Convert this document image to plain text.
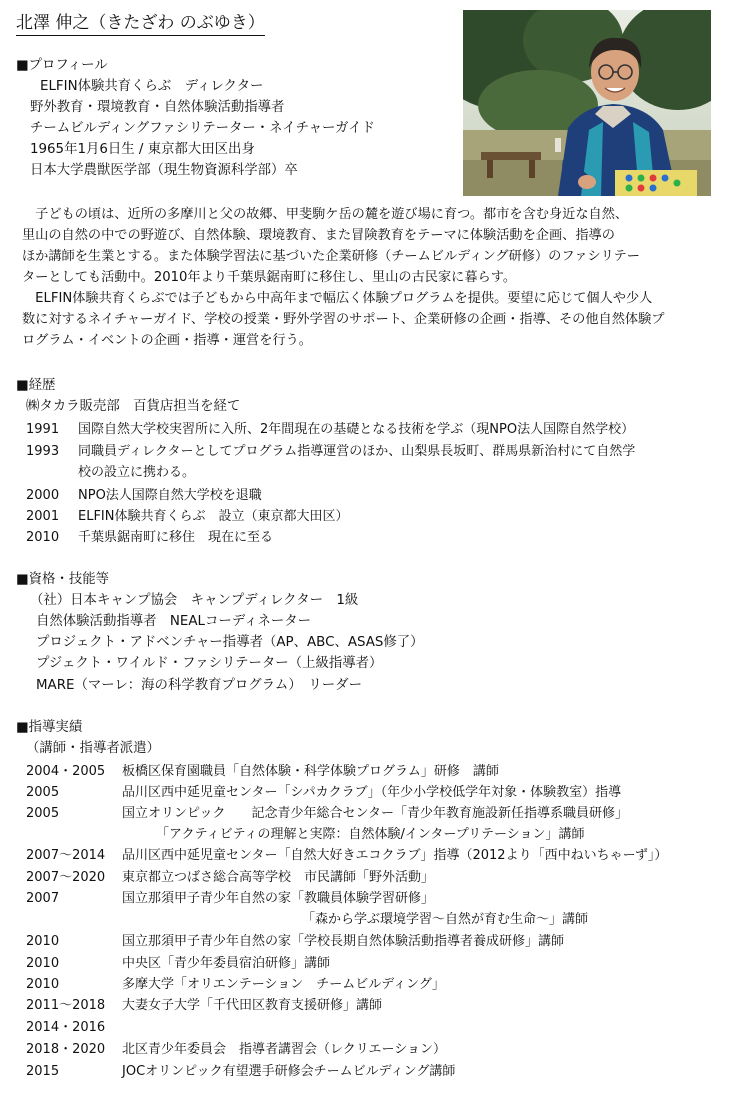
北澤 伸之（きたざわ のぶゆき）
■プロフィール
ELFIN体験共育くらぶ　ディレクター
野外教育・環境教育・自然体験活動指導者
チームビルディングファシリテーター・ネイチャーガイド
1965年1月6日生 / 東京都大田区出身
日本大学農獣医学部（現生物資源科学部）卒
　子どもの頃は、近所の多摩川と父の故郷、甲斐駒ケ岳の麓を遊び場に育つ。都市を含む身近な自然、
里山の自然の中での野遊び、自然体験、環境教育、また冒険教育をテーマに体験活動を企画、指導の
ほか講師を生業とする。また体験学習法に基づいた企業研修（チームビルディング研修）のファシリテー
ターとしても活動中。2010年より千葉県鋸南町に移住し、里山の古民家に暮らす。
　ELFIN体験共育くらぶでは子どもから中高年まで幅広く体験プログラムを提供。要望に応じて個人や少人
数に対するネイチャーガイド、学校の授業・野外学習のサポート、企業研修の企画・指導、その他自然体験プ
ログラム・イベントの企画・指導・運営を行う。
■経歴
㈱タカラ販売部　百貨店担当を経て
1991 国際自然大学校実習所に入所、2年間現在の基礎となる技術を学ぶ（現NPO法人国際自然学校）
1993 同職員ディレクターとしてプログラム指導運営のほか、山梨県長坂町、群馬県新治村にて自然学
校の設立に携わる。
2000 NPO法人国際自然大学校を退職
2001 ELFIN体験共育くらぶ　設立（東京都大田区）
2010 千葉県鋸南町に移住　現在に至る
■資格・技能等
（社）日本キャンプ協会　キャンプディレクター　1級
自然体験活動指導者　NEALコーディネーター
プロジェクト・アドベンチャー指導者（AP、ABC、ASAS修了）
プジェクト・ワイルド・ファシリテーター（上級指導者）
MARE（マーレ：海の科学教育プログラム）　リーダー
■指導実績
（講師・指導者派遣）
2004・2005 板橋区保育園職員「自然体験・科学体験プログラム」研修　講師
2005	品川区西中延児童センター「シパカクラブ」（年少小学校低学年対象・体験教室）指導
2005	国立オリンピック　　記念青少年総合センター「青少年教育施設新任指導系職員研修」
「アクティビティの理解と実際：自然体験/インタープリテーション」講師
2007～2014 品川区西中延児童センター「自然大好きエコクラブ」指導（2012より「西中ねいちゃーず」）
2007～2020 東京都立つばさ総合高等学校　市民講師「野外活動」
2007	国立那須甲子青少年自然の家「教職員体験学習研修」
「森から学ぶ環境学習～自然が育む生命～」講師
2010	国立那須甲子青少年自然の家「学校長期自然体験活動指導者養成研修」講師
2010	中央区「青少年委員宿泊研修」講師
2010	多摩大学「オリエンテーション　チームビルディング」
2011～2018 大妻女子大学「千代田区教育支援研修」講師
2014・2016
2018・2020 北区青少年委員会　指導者講習会（レクリエーション）
2015	JOCオリンピック有望選手研修会チームビルディング講師
